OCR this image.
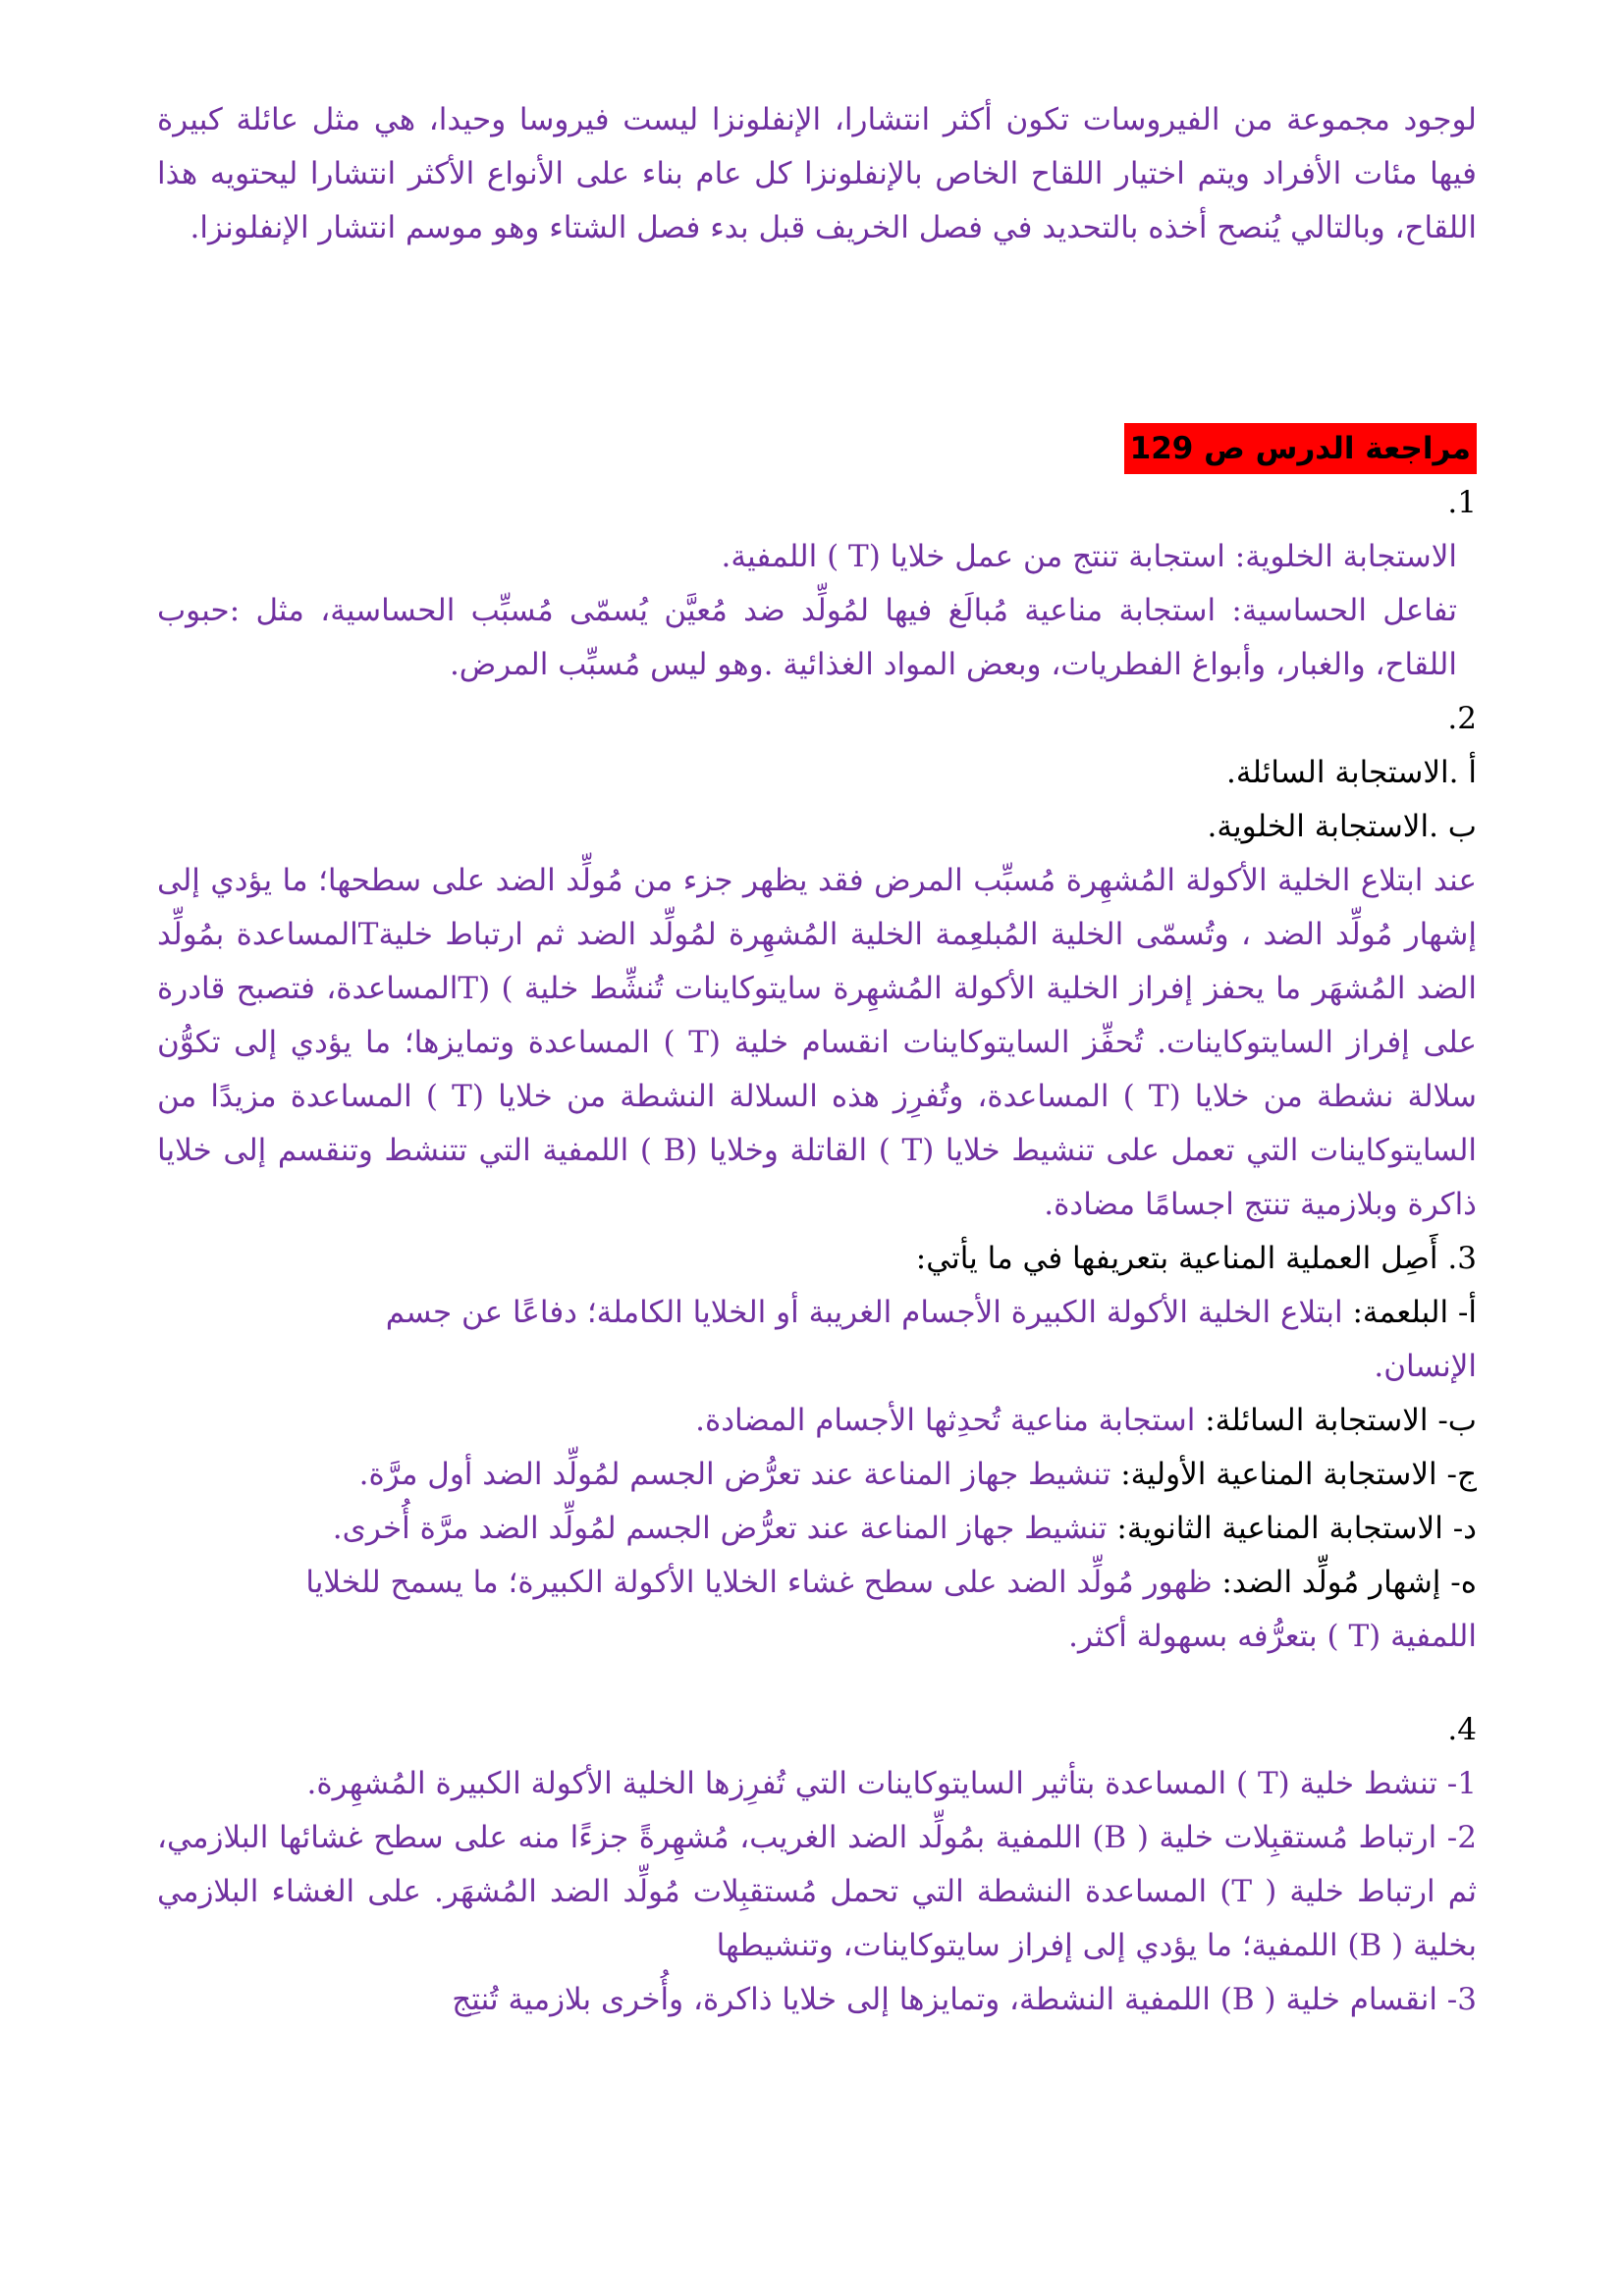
لوجود مجموعة من الفيروسات تكون أكثر انتشارا، الإنفلونزا ليست فيروسا وحيدا، هي مثل عائلة كبيرة فيها مئات الأفراد ويتم اختيار اللقاح الخاص بالإنفلونزا كل عام بناء على الأنواع الأكثر انتشارا ليحتويه هذا اللقاح، وبالتالي يُنصح أخذه بالتحديد في فصل الخريف قبل بدء فصل الشتاء وهو موسم انتشار الإنفلونزا.
مراجعة الدرس ص 129
1.
الاستجابة الخلوية: استجابة تنتج من عمل خلايا (T ) اللمفية.
تفاعل الحساسية: استجابة مناعية مُبالَغ فيها لمُولِّد ضد مُعيَّن يُسمّى مُسبِّب الحساسية، مثل :حبوب اللقاح، والغبار، وأبواغ الفطريات، وبعض المواد الغذائية .وهو ليس مُسبِّب المرض.
2.
أ .الاستجابة السائلة.
ب .الاستجابة الخلوية.
عند ابتلاع الخلية الأكولة المُشهِرة مُسبِّب المرض فقد يظهر جزء من مُولِّد الضد على سطحها؛ ما يؤدي إلى إشهار مُولِّد الضد ، وتُسمّى الخلية المُبلعِمة الخلية المُشهِرة لمُولِّد الضد ثم ارتباط خليةTالمساعدة بمُولِّد الضد المُشهَر ما يحفز إفراز الخلية الأكولة المُشهِرة سايتوكاينات تُنشِّط خلية ) (Tالمساعدة، فتصبح قادرة على إفراز السايتوكاينات. تُحفِّز السايتوكاينات انقسام خلية (T ) المساعدة وتمايزها؛ ما يؤدي إلى تكوُّن سلالة نشطة من خلايا (T ) المساعدة، وتُفرِز هذه السلالة النشطة من خلايا (T ) المساعدة مزيدًا من السايتوكاينات التي تعمل على تنشيط خلايا (T ) القاتلة وخلايا (B ) اللمفية التي تتنشط وتنقسم إلى خلايا ذاكرة وبلازمية تنتج اجسامًا مضادة.
3. أَصِل العملية المناعية بتعريفها في ما يأتي:
أ- البلعمة: ابتلاع الخلية الأكولة الكبيرة الأجسام الغريبة أو الخلايا الكاملة؛ دفاعًا عن جسم الإنسان.
ب- الاستجابة السائلة: استجابة مناعية تُحدِثها الأجسام المضادة.
ج- الاستجابة المناعية الأولية: تنشيط جهاز المناعة عند تعرُّض الجسم لمُولِّد الضد أول مرَّة.
د- الاستجابة المناعية الثانوية: تنشيط جهاز المناعة عند تعرُّض الجسم لمُولِّد الضد مرَّة أُخرى.
ه- إشهار مُولِّد الضد: ظهور مُولِّد الضد على سطح غشاء الخلايا الأكولة الكبيرة؛ ما يسمح للخلايا اللمفية (T ) بتعرُّفه بسهولة أكثر.
4.
1- تنشط خلية (T ) المساعدة بتأثير السايتوكاينات التي تُفرِزها الخلية الأكولة الكبيرة المُشهِرة.
2- ارتباط مُستقبِلات خلية ( B) اللمفية بمُولِّد الضد الغريب، مُشهِرةً جزءًا منه على سطح غشائها البلازمي، ثم ارتباط خلية ( T) المساعدة النشطة التي تحمل مُستقبِلات مُولِّد الضد المُشهَر. على الغشاء البلازمي بخلية ( B) اللمفية؛ ما يؤدي إلى إفراز سايتوكاينات، وتنشيطها
3- انقسام خلية ( B) اللمفية النشطة، وتمايزها إلى خلايا ذاكرة، وأُخرى بلازمية تُنتِج
